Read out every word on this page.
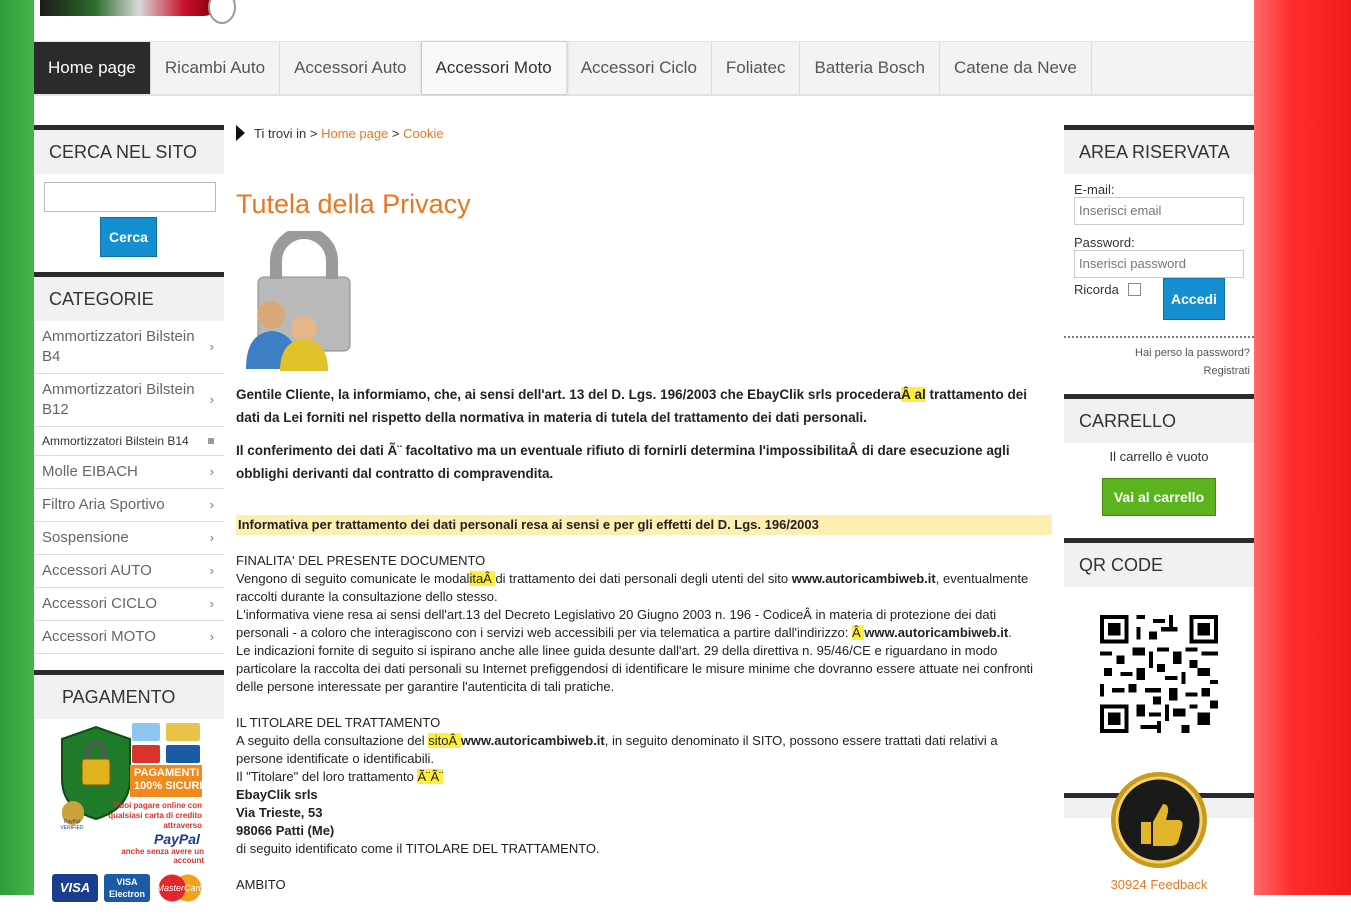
Home page	Ricambi Auto	Accessori Auto	Accessori Moto	Accessori Ciclo	Foliatec	Batteria Bosch	Catene da Neve
CERCA NEL SITO
Cerca
CATEGORIE
Ammortizzatori Bilstein B4
›
Ammortizzatori Bilstein B12
›
Ammortizzatori Bilstein B14
Molle EIBACH	›
Filtro Aria Sportivo	›
Sospensione	›
Accessori AUTO	›
Accessori CICLO	›
Accessori MOTO	›
PAGAMENTO
PAGAMENTI
100% SICURI
Puoi pagare online con qualsiasi carta di credito attraverso
PayPal
anche senza avere un account
PayPal VERIFIED
VISA	VISA Electron
MasterCard
Ti trovi in >
Home page
>
Cookie
Tutela della Privacy

Gentile Cliente, la informiamo, che, ai sensi dell'art. 13 del D. Lgs. 196/2003 che EbayClik srls procederaÂ al trattamento dei dati da Lei forniti nel rispetto della normativa in materia di tutela del trattamento dei dati personali.

Il conferimento dei dati Ã¨ facoltativo ma un eventuale rifiuto di fornirli determina l'impossibilitaÂ di dare esecuzione agli obblighi derivanti dal contratto di compravendita.

Informativa per trattamento dei dati personali resa ai sensi e per gli effetti del D. Lgs. 196/2003

FINALITA' DEL PRESENTE DOCUMENTO

Vengono di seguito comunicate le modalitaÂ di trattamento dei dati personali degli utenti del sito www.autoricambiweb.it, eventualmente raccolti durante la consultazione dello stesso.

L'informativa viene resa ai sensi dell'art.13 del Decreto Legislativo 20 Giugno 2003 n. 196 - CodiceÂ in materia di protezione dei dati personali - a coloro che interagiscono con i servizi web accessibili per via telematica a partire dall'indirizzo: Â www.autoricambiweb.it.

Le indicazioni fornite di seguito si ispirano anche alle linee guida desunte dall'art. 29 della direttiva n. 95/46/CE e riguardano in modo particolare la raccolta dei dati personali su Internet prefiggendosi di identificare le misure minime che dovranno essere attuate nei confronti delle persone interessate per garantire l'autenticita di tali pratiche.

IL TITOLARE DEL TRATTAMENTO

A seguito della consultazione del sitoÂ www.autoricambiweb.it, in seguito denominato il SITO, possono essere trattati dati relativi a persone identificate o identificabili.

Il "Titolare" del loro trattamento Ã¨Ã¨

EbayClik srls

Via Trieste, 53

98066 Patti (Me)

di seguito identificato come il TITOLARE DEL TRATTAMENTO.

AMBITO

AREA RISERVATA
E-mail:
Inserisci email
Password:
Inserisci password
Ricorda
Accedi
Hai perso la password?
Registrati
CARRELLO
Il carrello è vuoto
Vai al carrello
QR CODE
30924 Feedback
